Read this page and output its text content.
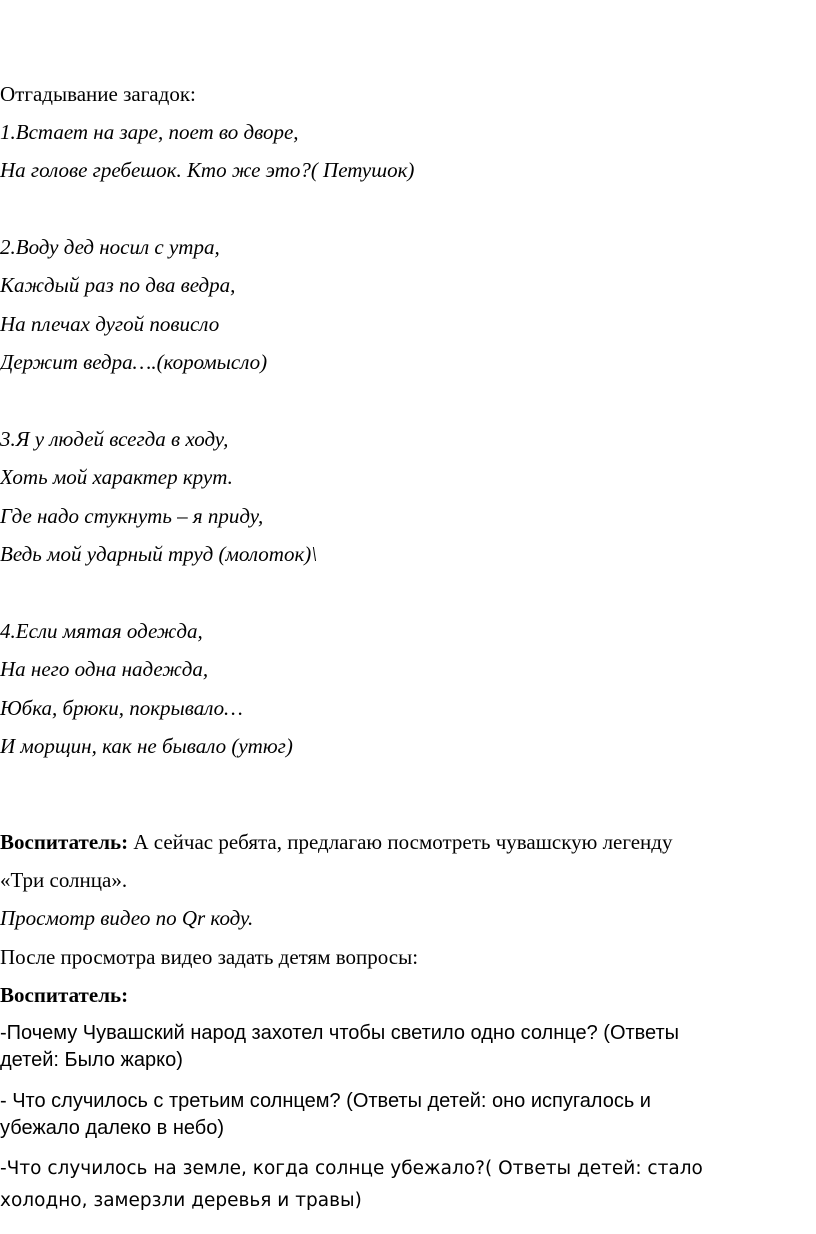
Отгадывание загадок:
1.Встает на заре, поет во дворе,
На голове гребешок. Кто же это?( Петушок)
2.Воду дед носил с утра,
Каждый раз по два ведра,
На плечах дугой повисло
Держит ведра….(коромысло)
3.Я у людей всегда в ходу,
Хоть мой характер крут.
Где надо стукнуть – я приду,
Ведь мой ударный труд (молоток)\
4.Если мятая одежда,
На него одна надежда,
Юбка, брюки, покрывало…
И морщин, как не бывало (утюг)
Воспитатель: А сейчас ребята, предлагаю посмотреть чувашскую легенду
«Три солнца».
Просмотр видео по Qr коду.
После просмотра видео задать детям вопросы:
Воспитатель:
-Почему Чувашский народ захотел чтобы светило одно солнце? (Ответы
детей: Было жарко)
- Что случилось с третьим солнцем? (Ответы детей: оно испугалось и
убежало далеко в небо)
-Что случилось на земле, когда солнце убежало?( Ответы детей: стало
холодно, замерзли деревья и травы)
